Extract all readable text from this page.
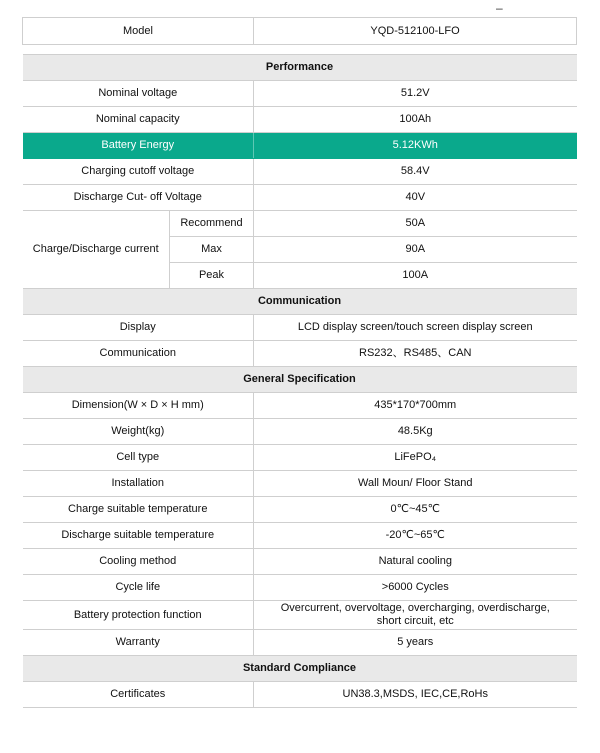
–
Model		YQD-512100-LFO

Performance		
Nominal voltage		51.2V
Nominal capacity		100Ah
Battery Energy		5.12KWh
Charging cutoff voltage		58.4V
Discharge Cut- off Voltage		40V
Charge/Discharge current	Recommend	50A
	Max	90A
	Peak	100A
Communication		
Display		LCD display screen/touch screen display screen
Communication		RS232、RS485、CAN
General Specification		
Dimension(W × D × H mm)		435*170*700mm
Weight(kg)		48.5Kg
Cell type		LiFePO₄
Installation		Wall Moun/ Floor Stand
Charge suitable temperature		0℃~45℃
Discharge suitable temperature		-20℃~65℃
Cooling method		Natural cooling
Cycle life		>6000 Cycles
Battery protection function		Overcurrent, overvoltage, overcharging, overdischarge, short circuit, etc
Warranty		5 years
Standard Compliance		
Certificates		UN38.3,MSDS, IEC,CE,RoHs
